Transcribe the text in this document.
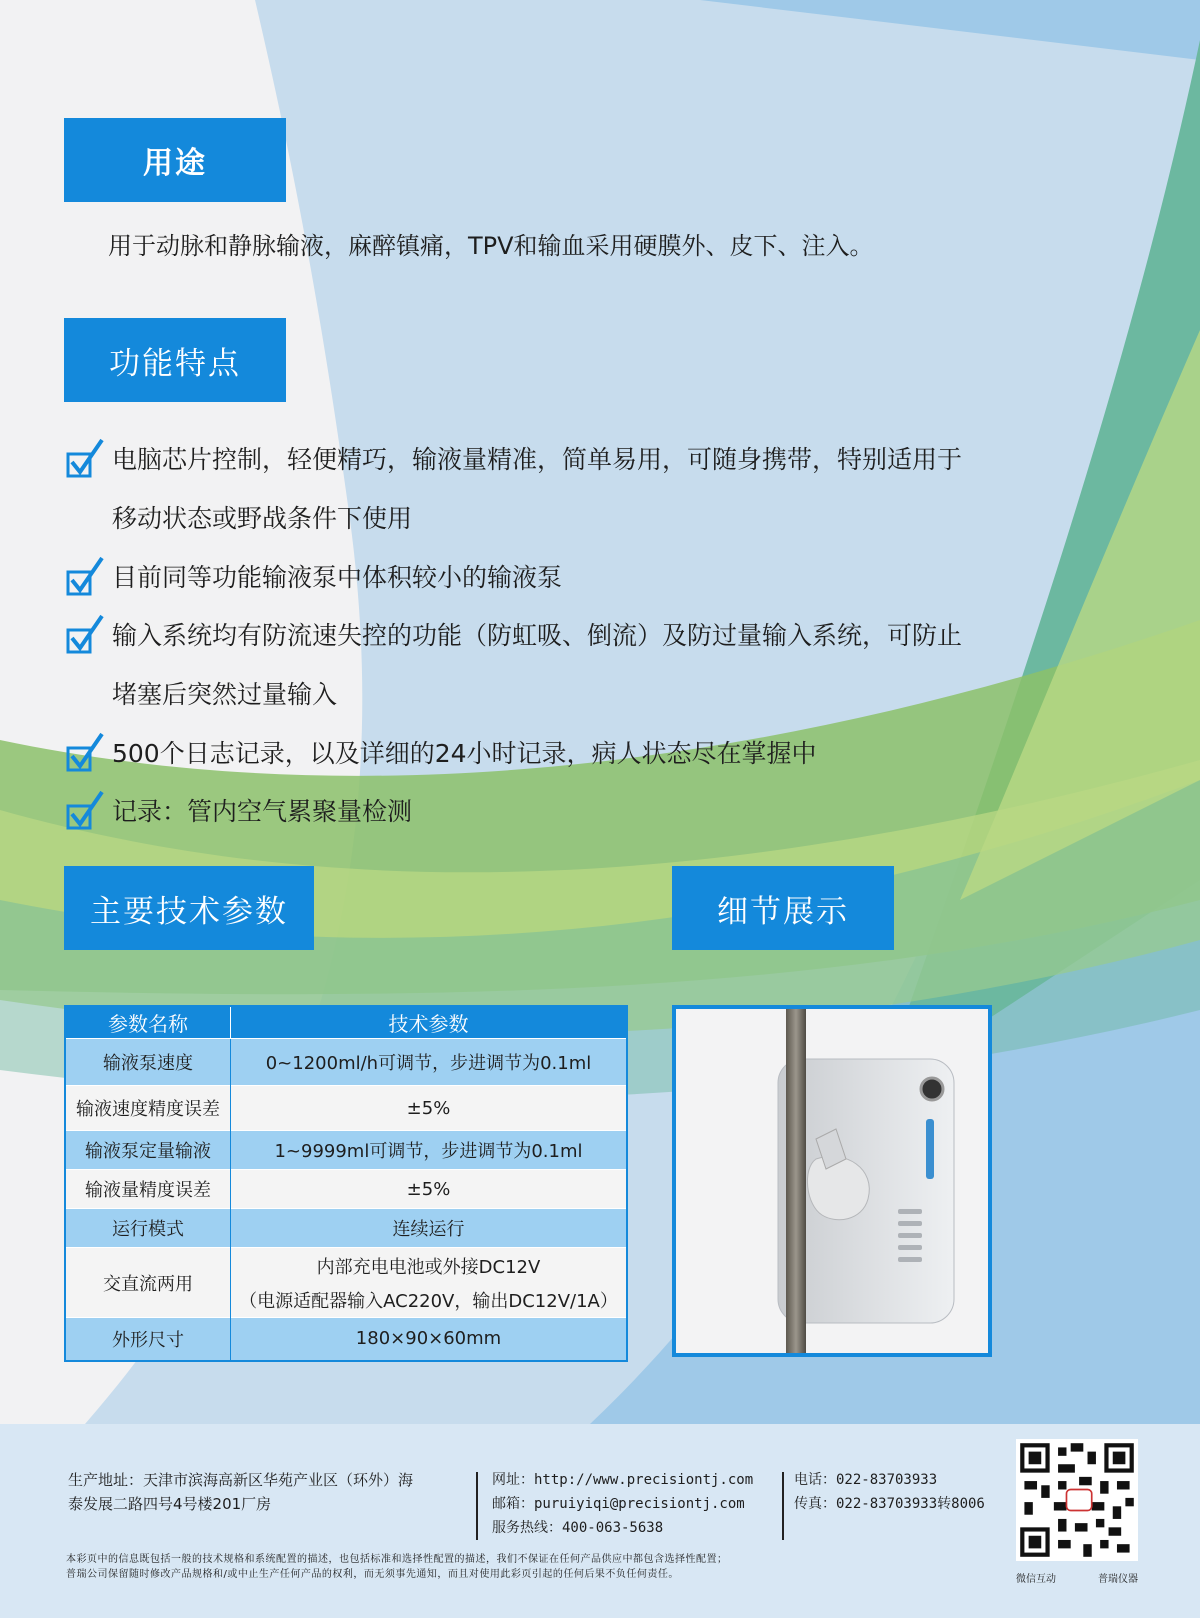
用途
用于动脉和静脉输液，麻醉镇痛，TPV和输血采用硬膜外、皮下、注入。
功能特点
电脑芯片控制，轻便精巧，输液量精准，简单易用，可随身携带，特别适用于
移动状态或野战条件下使用
目前同等功能输液泵中体积较小的输液泵
输入系统均有防流速失控的功能（防虹吸、倒流）及防过量输入系统，可防止
堵塞后突然过量输入
500个日志记录，以及详细的24小时记录，病人状态尽在掌握中
记录：管内空气累聚量检测
主要技术参数	细节展示
参数名称	技术参数
输液泵速度	0~1200ml/h可调节，步进调节为0.1ml
输液速度精度误差	±5%
输液泵定量输液	1~9999ml可调节，步进调节为0.1ml
输液量精度误差	±5%
运行模式	连续运行
交直流两用	内部充电电池或外接DC12V
（电源适配器输入AC220V，输出DC12V/1A）

外形尺寸	180×90×60mm
生产地址：天津市滨海高新区华苑产业区（环外）海
泰发展二路四号4号楼201厂房
网址：http://www.precisiontj.com
邮箱：puruiyiqi@precisiontj.com
服务热线：400-063-5638
电话：022-83703933
传真：022-83703933转8006
微信互动	普瑞仪器
本彩页中的信息既包括一般的技术规格和系统配置的描述，也包括标准和选择性配置的描述，我们不保证在任何产品供应中都包含选择性配置；
普瑞公司保留随时修改产品规格和/或中止生产任何产品的权利，而无须事先通知，而且对使用此彩页引起的任何后果不负任何责任。
